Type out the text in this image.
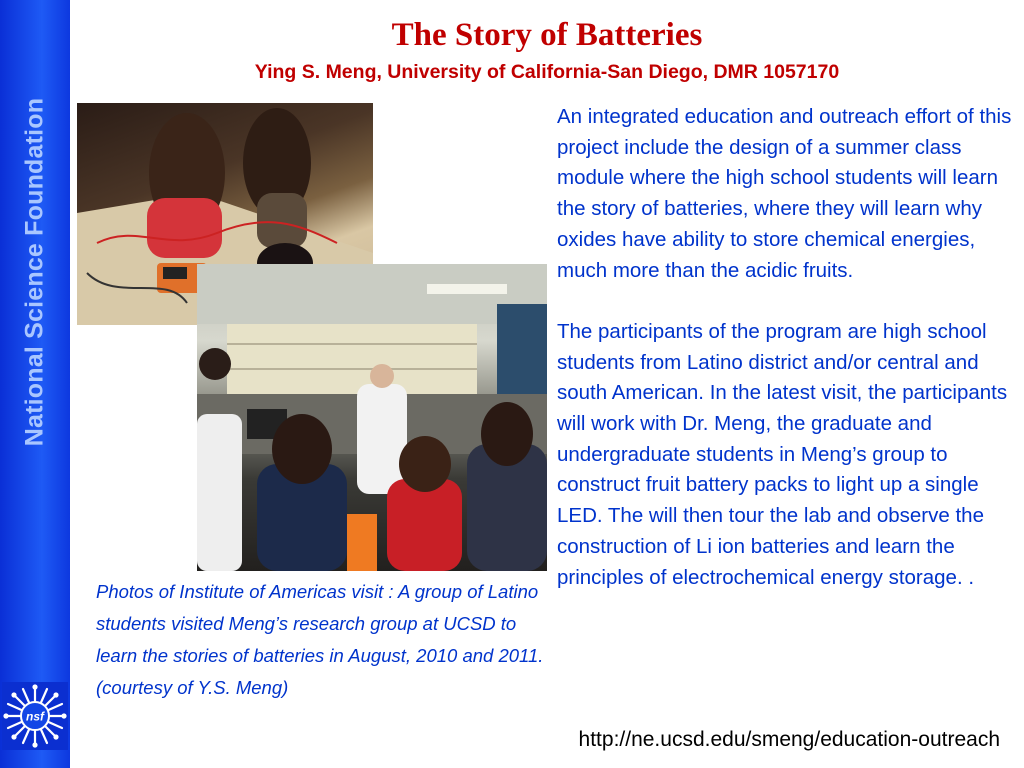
National Science Foundation
nsf
The Story of Batteries
Ying S. Meng, University of California-San Diego, DMR 1057170
Photos of Institute of Americas visit : A group of Latino students visited Meng’s research group at UCSD to learn the stories of batteries in August, 2010 and 2011. (courtesy of Y.S. Meng)

An integrated education and outreach effort of this project include the design of a summer class module where the high school students will learn the story of batteries, where they will learn why oxides have ability to store chemical energies, much more than the acidic fruits.

The participants of the program are high school students from Latino district and/or central and south American. In the latest visit, the participants will work with Dr. Meng, the graduate and undergraduate students in Meng’s group to construct fruit battery packs to light up a single LED. The will then tour the lab and observe the construction of Li ion batteries and learn the principles of electrochemical energy storage. .

http://ne.ucsd.edu/smeng/education-outreach
